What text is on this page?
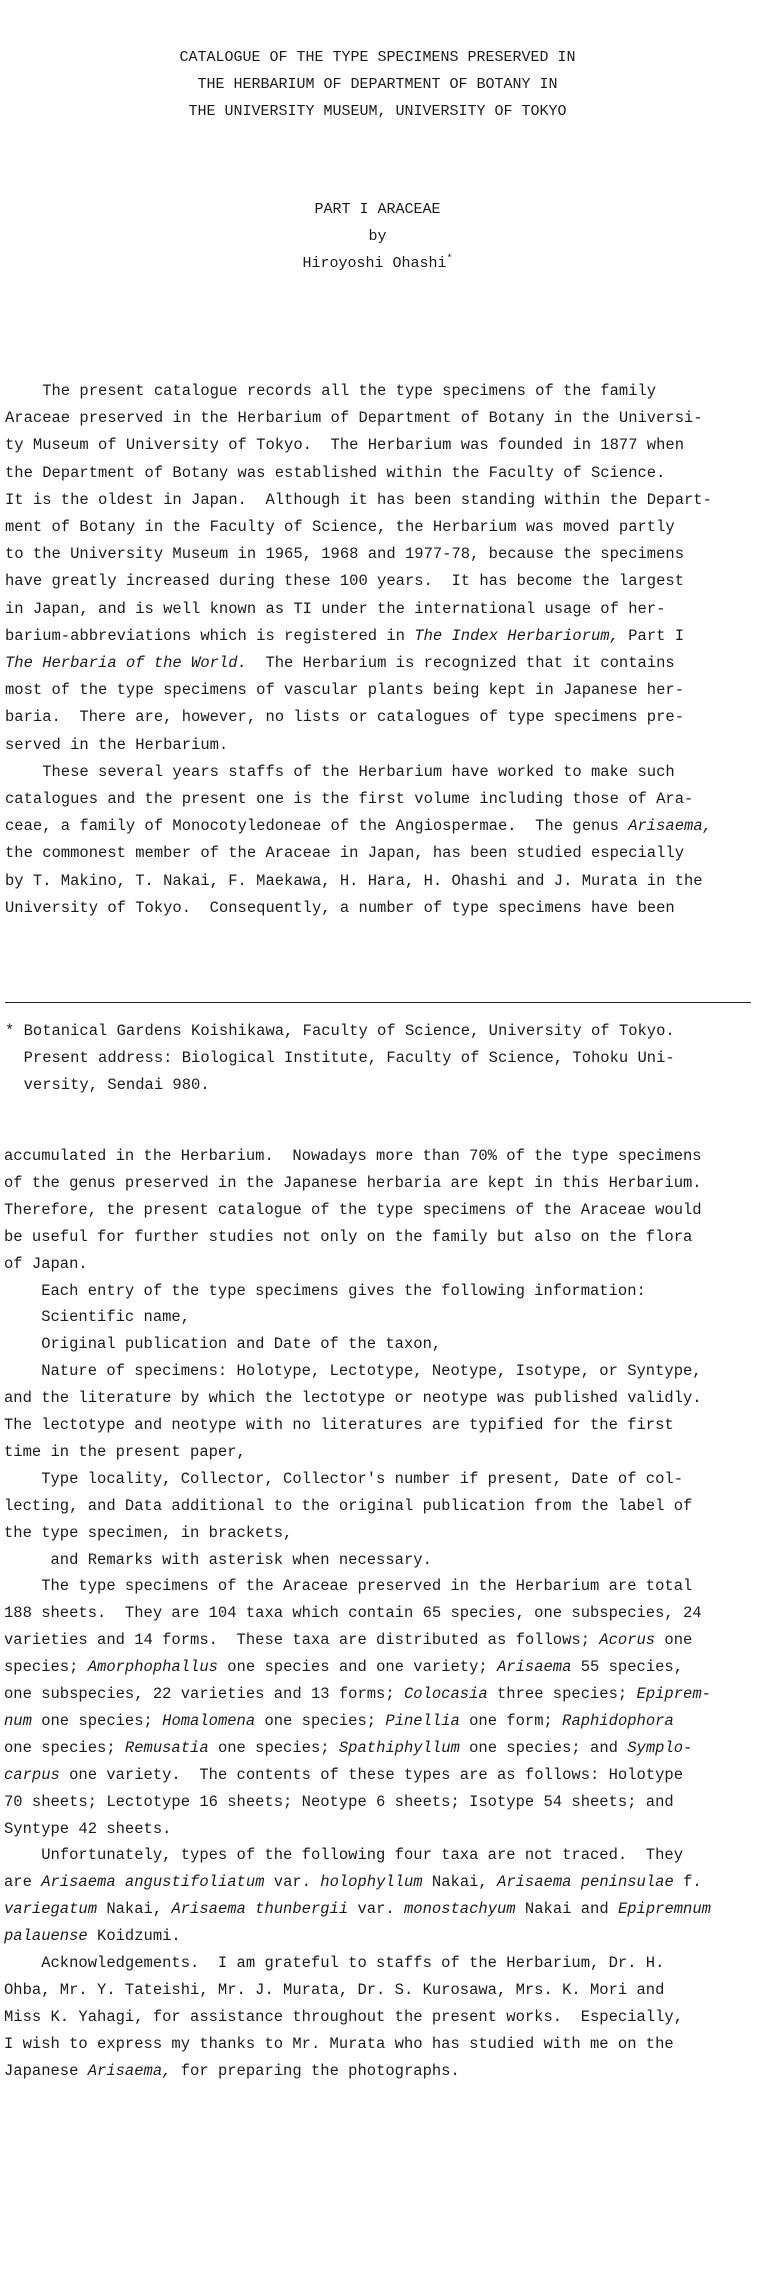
CATALOGUE OF THE TYPE SPECIMENS PRESERVED IN
THE HERBARIUM OF DEPARTMENT OF BOTANY IN
THE UNIVERSITY MUSEUM, UNIVERSITY OF TOKYO
PART I ARACEAE
by
Hiroyoshi Ohashi*
The present catalogue records all the type specimens of the family
Araceae preserved in the Herbarium of Department of Botany in the Universi-
ty Museum of University of Tokyo.  The Herbarium was founded in 1877 when
the Department of Botany was established within the Faculty of Science.
It is the oldest in Japan.  Although it has been standing within the Depart-
ment of Botany in the Faculty of Science, the Herbarium was moved partly
to the University Museum in 1965, 1968 and 1977-78, because the specimens
have greatly increased during these 100 years.  It has become the largest
in Japan, and is well known as TI under the international usage of her-
barium-abbreviations which is registered in The Index Herbariorum, Part I
The Herbaria of the World.  The Herbarium is recognized that it contains
most of the type specimens of vascular plants being kept in Japanese her-
baria.  There are, however, no lists or catalogues of type specimens pre-
served in the Herbarium.
These several years staffs of the Herbarium have worked to make such
catalogues and the present one is the first volume including those of Ara-
ceae, a family of Monocotyledoneae of the Angiospermae.  The genus Arisaema,
the commonest member of the Araceae in Japan, has been studied especially
by T. Makino, T. Nakai, F. Maekawa, H. Hara, H. Ohashi and J. Murata in the
University of Tokyo.  Consequently, a number of type specimens have been
* Botanical Gardens Koishikawa, Faculty of Science, University of Tokyo.
Present address: Biological Institute, Faculty of Science, Tohoku Uni-
versity, Sendai 980.
accumulated in the Herbarium.  Nowadays more than 70% of the type specimens
of the genus preserved in the Japanese herbaria are kept in this Herbarium.
Therefore, the present catalogue of the type specimens of the Araceae would
be useful for further studies not only on the family but also on the flora
of Japan.
Each entry of the type specimens gives the following information:
Scientific name,
Original publication and Date of the taxon,
Nature of specimens: Holotype, Lectotype, Neotype, Isotype, or Syntype,
and the literature by which the lectotype or neotype was published validly.
The lectotype and neotype with no literatures are typified for the first
time in the present paper,
Type locality, Collector, Collector's number if present, Date of col-
lecting, and Data additional to the original publication from the label of
the type specimen, in brackets,
and Remarks with asterisk when necessary.
The type specimens of the Araceae preserved in the Herbarium are total
188 sheets.  They are 104 taxa which contain 65 species, one subspecies, 24
varieties and 14 forms.  These taxa are distributed as follows; Acorus one
species; Amorphophallus one species and one variety; Arisaema 55 species,
one subspecies, 22 varieties and 13 forms; Colocasia three species; Epiprem-
num one species; Homalomena one species; Pinellia one form; Raphidophora
one species; Remusatia one species; Spathiphyllum one species; and Symplo-
carpus one variety.  The contents of these types are as follows: Holotype
70 sheets; Lectotype 16 sheets; Neotype 6 sheets; Isotype 54 sheets; and
Syntype 42 sheets.
Unfortunately, types of the following four taxa are not traced.  They
are Arisaema angustifoliatum var. holophyllum Nakai, Arisaema peninsulae f.
variegatum Nakai, Arisaema thunbergii var. monostachyum Nakai and Epipremnum
palauense Koidzumi.
Acknowledgements.  I am grateful to staffs of the Herbarium, Dr. H.
Ohba, Mr. Y. Tateishi, Mr. J. Murata, Dr. S. Kurosawa, Mrs. K. Mori and
Miss K. Yahagi, for assistance throughout the present works.  Especially,
I wish to express my thanks to Mr. Murata who has studied with me on the
Japanese Arisaema, for preparing the photographs.
